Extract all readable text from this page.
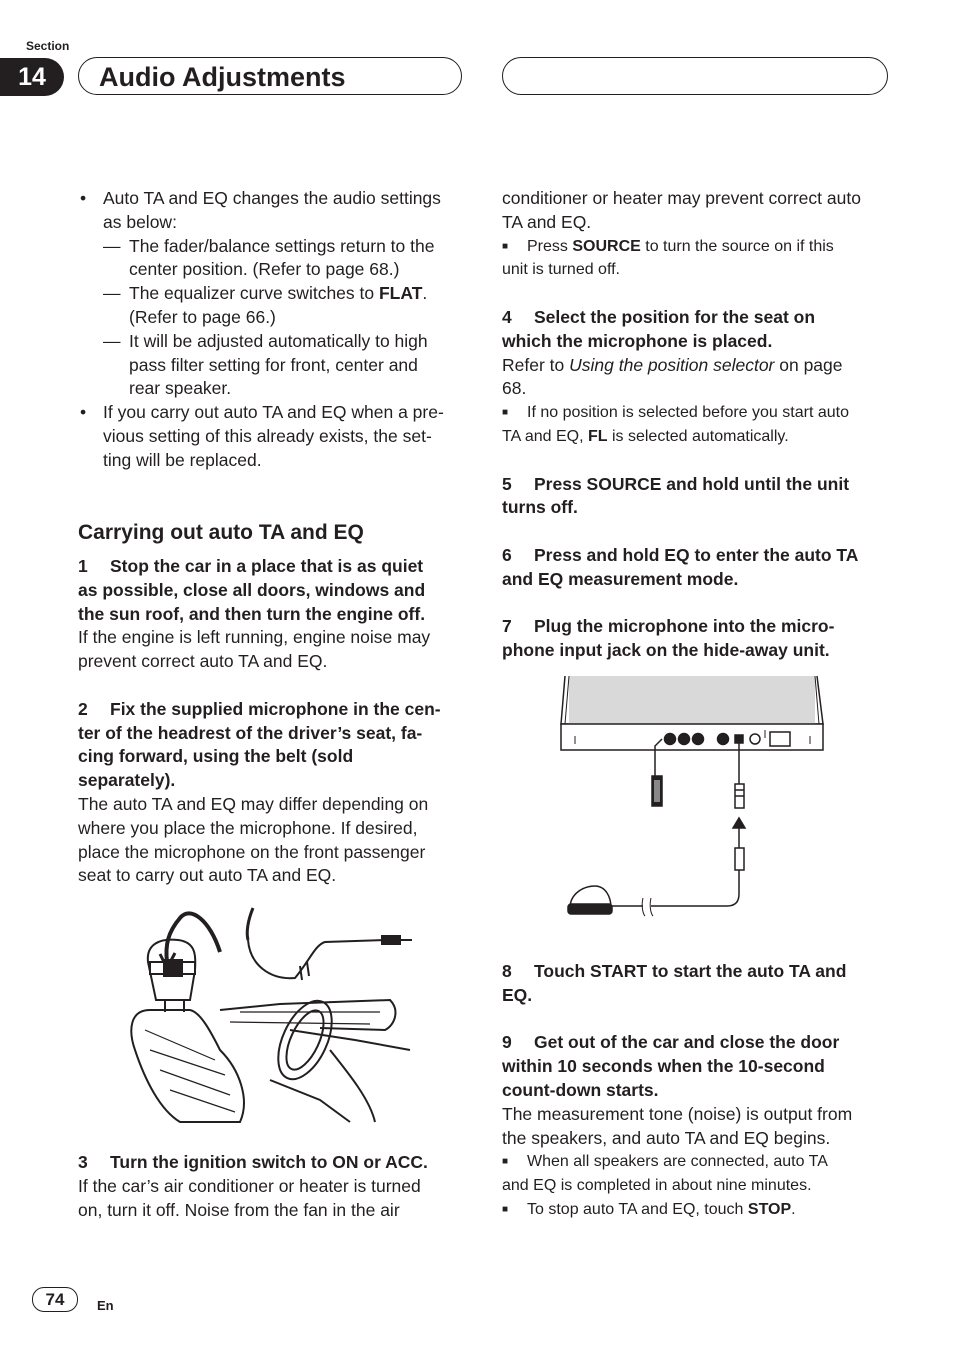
Section
14	Audio Adjustments

• Auto TA and EQ changes the audio settings
as below:

— The fader/balance settings return to the
center position. (Refer to page 68.)

— The equalizer curve switches to FLAT.
(Refer to page 66.)

— It will be adjusted automatically to high
pass filter setting for front, center and
rear speaker.

• If you carry out auto TA and EQ when a pre-
vious setting of this already exists, the set-
ting will be replaced.

Carrying out auto TA and EQ

1 Stop the car in a place that is as quiet
as possible, close all doors, windows and
the sun roof, and then turn the engine off.

If the engine is left running, engine noise may
prevent correct auto TA and EQ.

2 Fix the supplied microphone in the cen-
ter of the headrest of the driver’s seat, fa-
cing forward, using the belt (sold
separately).

The auto TA and EQ may differ depending on
where you place the microphone. If desired,
place the microphone on the front passenger
seat to carry out auto TA and EQ.

3 Turn the ignition switch to ON or ACC.

If the car’s air conditioner or heater is turned
on, turn it off. Noise from the fan in the air

conditioner or heater may prevent correct auto
TA and EQ.

■ Press SOURCE to turn the source on if this
unit is turned off.

4 Select the position for the seat on
which the microphone is placed.

Refer to Using the position selector on page
68.

■ If no position is selected before you start auto
TA and EQ, FL is selected automatically.

5 Press SOURCE and hold until the unit
turns off.

6 Press and hold EQ to enter the auto TA
and EQ measurement mode.

7 Plug the microphone into the micro-
phone input jack on the hide-away unit.

8 Touch START to start the auto TA and
EQ.

9 Get out of the car and close the door
within 10 seconds when the 10-second
count-down starts.

The measurement tone (noise) is output from
the speakers, and auto TA and EQ begins.

■ When all speakers are connected, auto TA
and EQ is completed in about nine minutes.

■ To stop auto TA and EQ, touch STOP.

74	En
